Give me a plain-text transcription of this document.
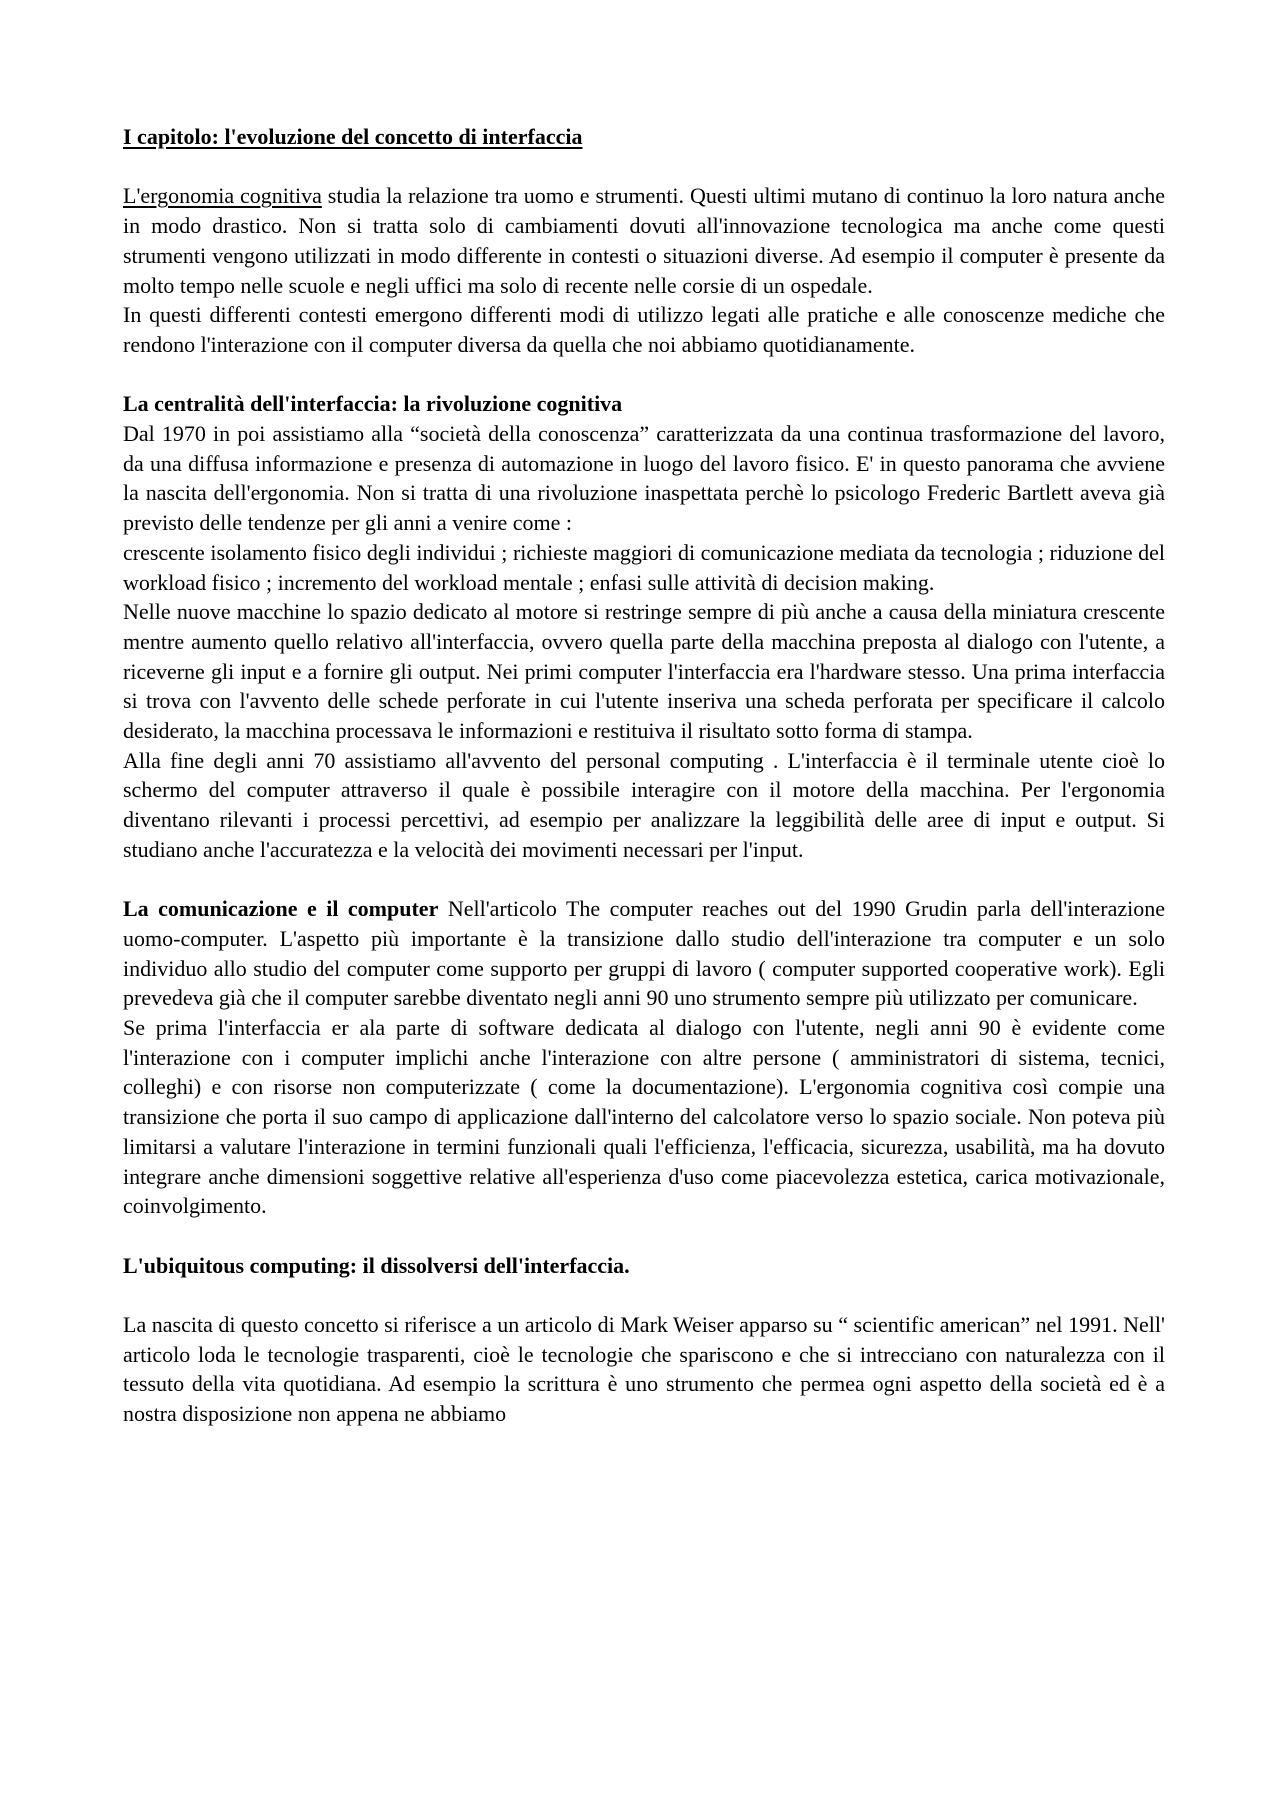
I capitolo: l'evoluzione del concetto di interfaccia

L'ergonomia cognitiva studia la relazione tra uomo e strumenti. Questi ultimi mutano di continuo la loro natura anche in modo drastico. Non si tratta solo di cambiamenti dovuti all'innovazione tecnologica ma anche come questi strumenti vengono utilizzati in modo differente in contesti o situazioni diverse. Ad esempio il computer è presente da molto tempo nelle scuole e negli uffici ma solo di recente nelle corsie di un ospedale.

In questi differenti contesti emergono differenti modi di utilizzo legati alle pratiche e alle conoscenze mediche che rendono l'interazione con il computer diversa da quella che noi abbiamo quotidianamente.

La centralità dell'interfaccia: la rivoluzione cognitiva

Dal 1970 in poi assistiamo alla “società della conoscenza” caratterizzata da una continua trasformazione del lavoro, da una diffusa informazione e presenza di automazione in luogo del lavoro fisico. E' in questo panorama che avviene la nascita dell'ergonomia. Non si tratta di una rivoluzione inaspettata perchè lo psicologo Frederic Bartlett aveva già previsto delle tendenze per gli anni a venire come :

crescente isolamento fisico degli individui ; richieste maggiori di comunicazione mediata da tecnologia ; riduzione del workload fisico ; incremento del workload mentale ; enfasi sulle attività di decision making.

Nelle nuove macchine lo spazio dedicato al motore si restringe sempre di più anche a causa della miniatura crescente mentre aumento quello relativo all'interfaccia, ovvero quella parte della macchina preposta al dialogo con l'utente, a riceverne gli input e a fornire gli output. Nei primi computer l'interfaccia era l'hardware stesso. Una prima interfaccia si trova con l'avvento delle schede perforate in cui l'utente inseriva una scheda perforata per specificare il calcolo desiderato, la macchina processava le informazioni e restituiva il risultato sotto forma di stampa.

Alla fine degli anni 70 assistiamo all'avvento del personal computing . L'interfaccia è il terminale utente cioè lo schermo del computer attraverso il quale è possibile interagire con il motore della macchina. Per l'ergonomia diventano rilevanti i processi percettivi, ad esempio per analizzare la leggibilità delle aree di input e output. Si studiano anche l'accuratezza e la velocità dei movimenti necessari per l'input.

La comunicazione e il computer Nell'articolo The computer reaches out del 1990 Grudin parla dell'interazione uomo-computer. L'aspetto più importante è la transizione dallo studio dell'interazione tra computer e un solo individuo allo studio del computer come supporto per gruppi di lavoro ( computer supported cooperative work). Egli prevedeva già che il computer sarebbe diventato negli anni 90 uno strumento sempre più utilizzato per comunicare.

Se prima l'interfaccia er ala parte di software dedicata al dialogo con l'utente, negli anni 90 è evidente come l'interazione con i computer implichi anche l'interazione con altre persone ( amministratori di sistema, tecnici, colleghi) e con risorse non computerizzate ( come la documentazione). L'ergonomia cognitiva così compie una transizione che porta il suo campo di applicazione dall'interno del calcolatore verso lo spazio sociale. Non poteva più limitarsi a valutare l'interazione in termini funzionali quali l'efficienza, l'efficacia, sicurezza, usabilità, ma ha dovuto integrare anche dimensioni soggettive relative all'esperienza d'uso come piacevolezza estetica, carica motivazionale, coinvolgimento.

L'ubiquitous computing: il dissolversi dell'interfaccia.

La nascita di questo concetto si riferisce a un articolo di Mark Weiser apparso su “ scientific american” nel 1991. Nell' articolo loda le tecnologie trasparenti, cioè le tecnologie che spariscono e che si intrecciano con naturalezza con il tessuto della vita quotidiana. Ad esempio la scrittura è uno strumento che permea ogni aspetto della società ed è a nostra disposizione non appena ne abbiamo
